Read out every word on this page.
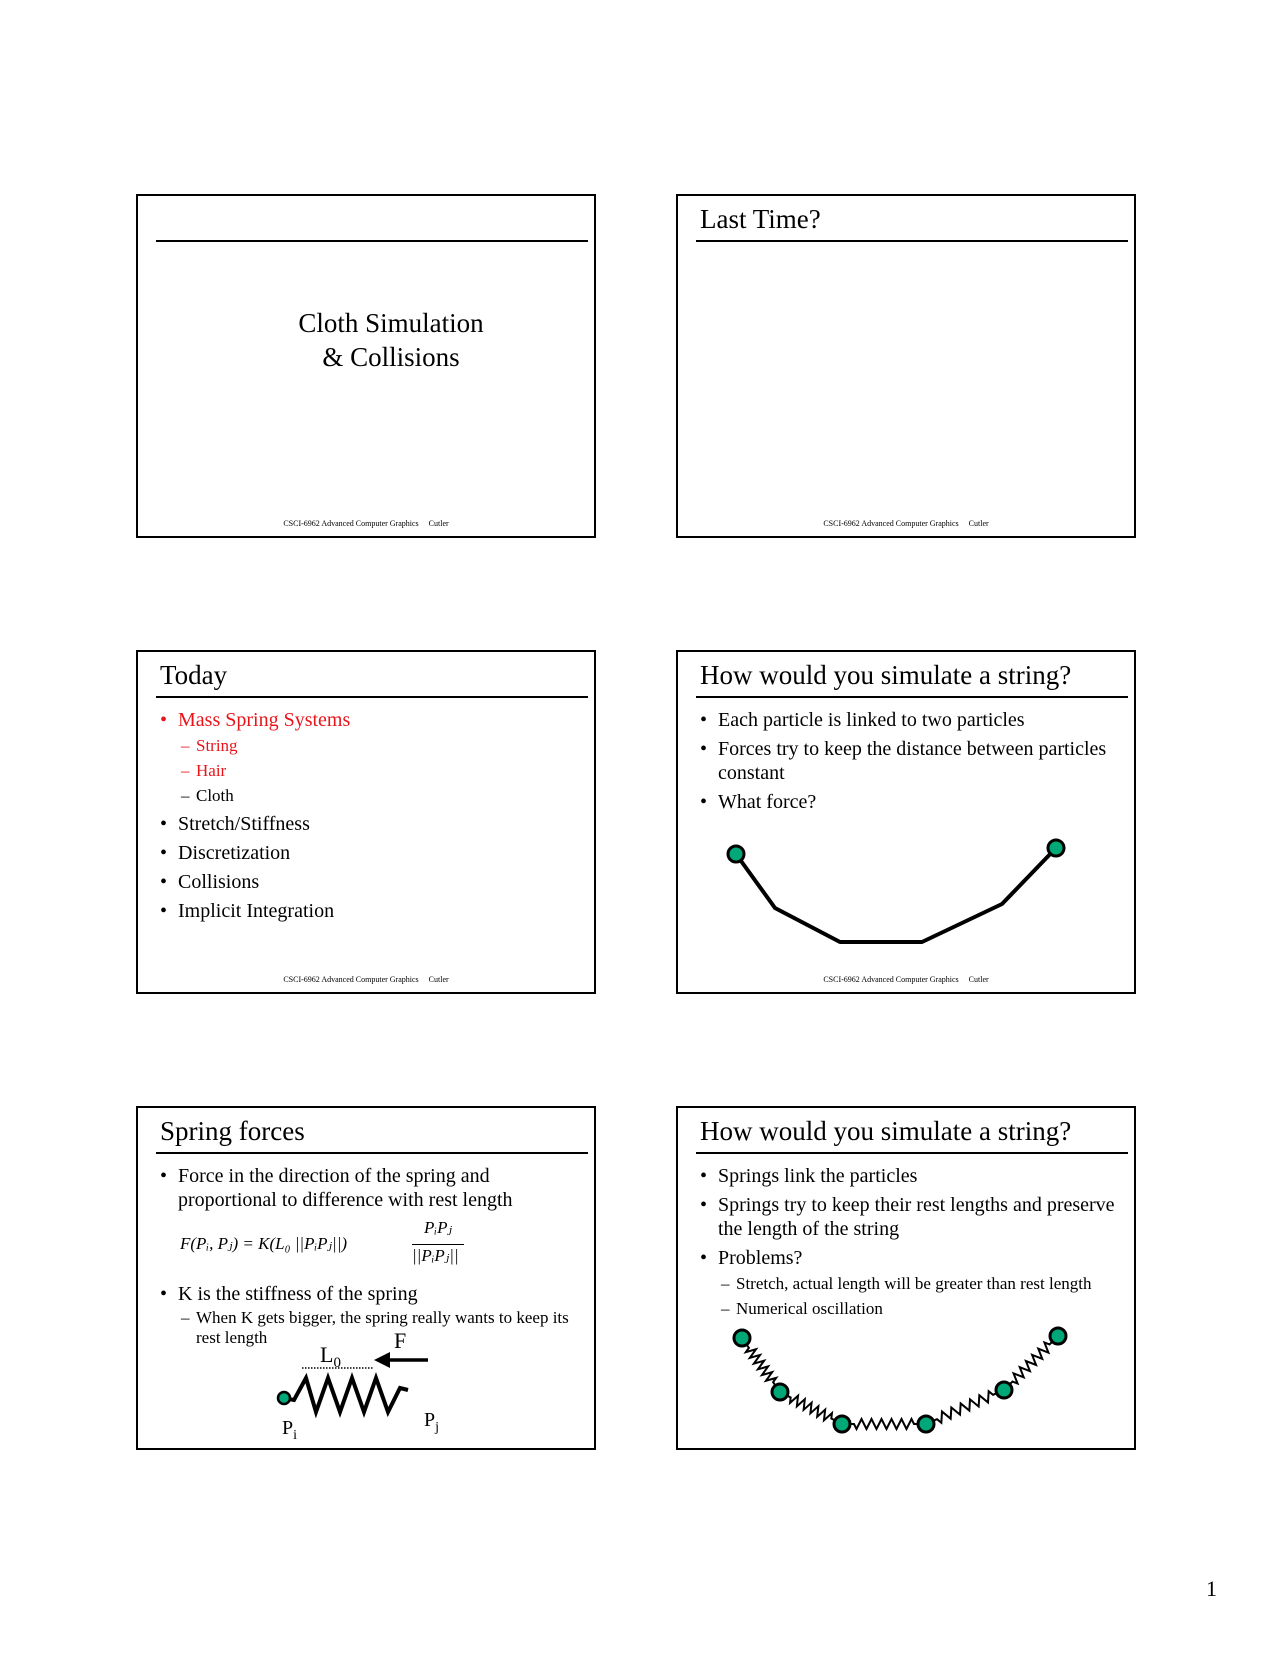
Cloth Simulation
& Collisions
CSCI-6962 Advanced Computer Graphics Cutler
Last Time?
CSCI-6962 Advanced Computer Graphics Cutler
Today
• Mass Spring Systems
– String
– Hair
– Cloth
• Stretch/Stiffness
• Discretization
• Collisions
• Implicit Integration
CSCI-6962 Advanced Computer Graphics Cutler
How would you simulate a string?
• Each particle is linked to two particles
• Forces try to keep the distance between particles constant
• What force?
CSCI-6962 Advanced Computer Graphics Cutler
Spring forces
• Force in the direction of the spring and proportional to difference with rest length
F(Pᵢ, Pⱼ) = K(L₀ ||PᵢPⱼ||)
PᵢPⱼ
||PᵢPⱼ||
• K is the stiffness of the spring
– When K gets bigger, the spring really wants to keep its rest length
$L_0$
F
$P_i$
$P_j$
How would you simulate a string?
• Springs link the particles
• Springs try to keep their rest lengths and preserve the length of the string
• Problems?
– Stretch, actual length will be greater than rest length
– Numerical oscillation
1
